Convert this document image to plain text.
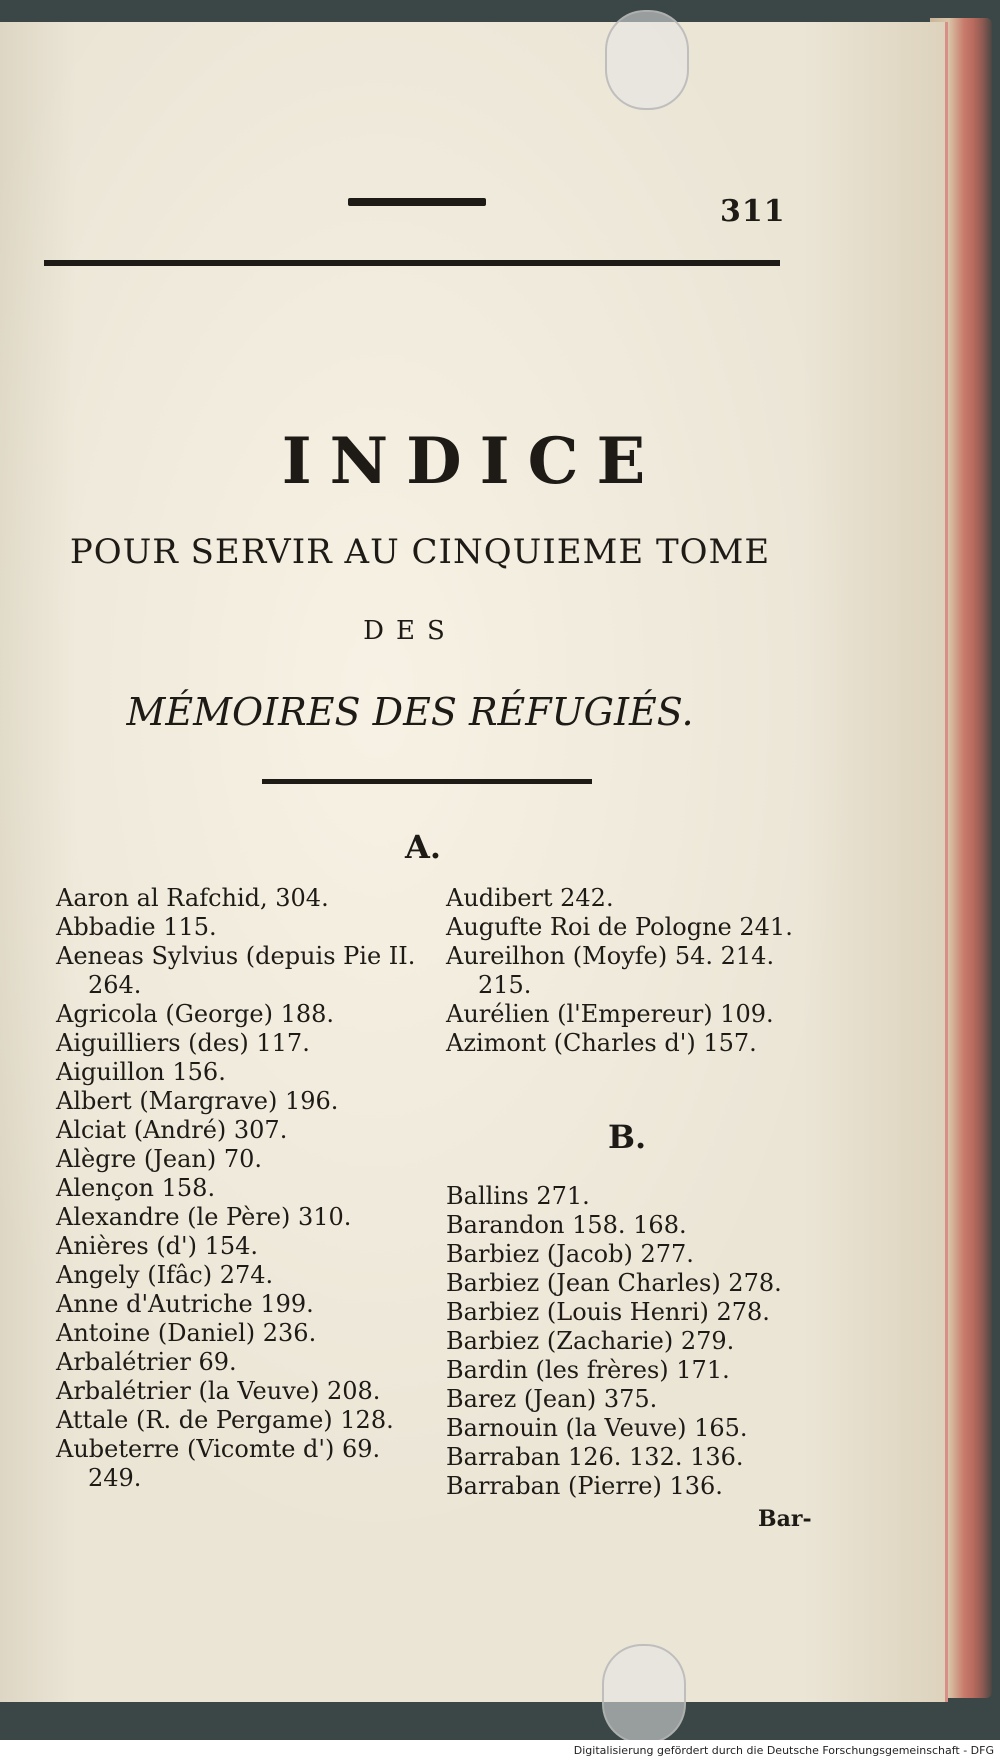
311
INDICE
POUR SERVIR AU CINQUIEME TOME
DES
MÉMOIRES DES RÉFUGIÉS.
A.
Aaron al Rafchid, 304.
Abbadie 115.
Aeneas Sylvius (depuis Pie II.
264.
Agricola (George) 188.
Aiguilliers (des) 117.
Aiguillon 156.
Albert (Margrave) 196.
Alciat (André) 307.
Alègre (Jean) 70.
Alençon 158.
Alexandre (le Père) 310.
Anières (d') 154.
Angely (Ifâc) 274.
Anne d'Autriche 199.
Antoine (Daniel) 236.
Arbalétrier 69.
Arbalétrier (la Veuve) 208.
Attale (R. de Pergame) 128.
Aubeterre (Vicomte d') 69.
249.
Audibert 242.
Augufte Roi de Pologne 241.
Aureilhon (Moyfe) 54. 214.
215.
Aurélien (l'Empereur) 109.
Azimont (Charles d') 157.
B.
Ballins 271.
Barandon 158. 168.
Barbiez (Jacob) 277.
Barbiez (Jean Charles) 278.
Barbiez (Louis Henri) 278.
Barbiez (Zacharie) 279.
Bardin (les frères) 171.
Barez (Jean) 375.
Barnouin (la Veuve) 165.
Barraban 126. 132. 136.
Barraban (Pierre) 136.
Bar-
Digitalisierung gefördert durch die Deutsche Forschungsgemeinschaft - DFG
